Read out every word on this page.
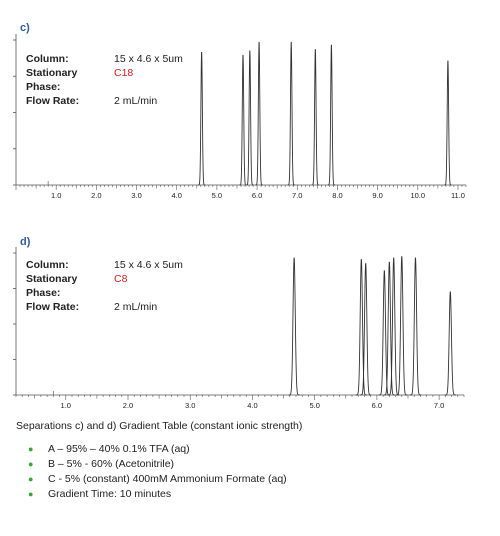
c)
Column:	15 x 4.6 x 5um
Stationary Phase:
C18
Flow Rate:	2 mL/min
1.0	2.0	3.0	4.0	5.0	6.0	7.0	8.0	9.0	10.0	11.0
d)
Column:	15 x 4.6 x 5um
Stationary Phase:
C8
Flow Rate:	2 mL/min
1.0	2.0	3.0	4.0	5.0	6.0	7.0
Separations c) and d) Gradient Table (constant ionic strength)
●	A – 95% – 40% 0.1% TFA (aq)
●	B – 5% - 60% (Acetonitrile)
●	C - 5% (constant) 400mM Ammonium Formate (aq)
●	Gradient Time: 10 minutes
